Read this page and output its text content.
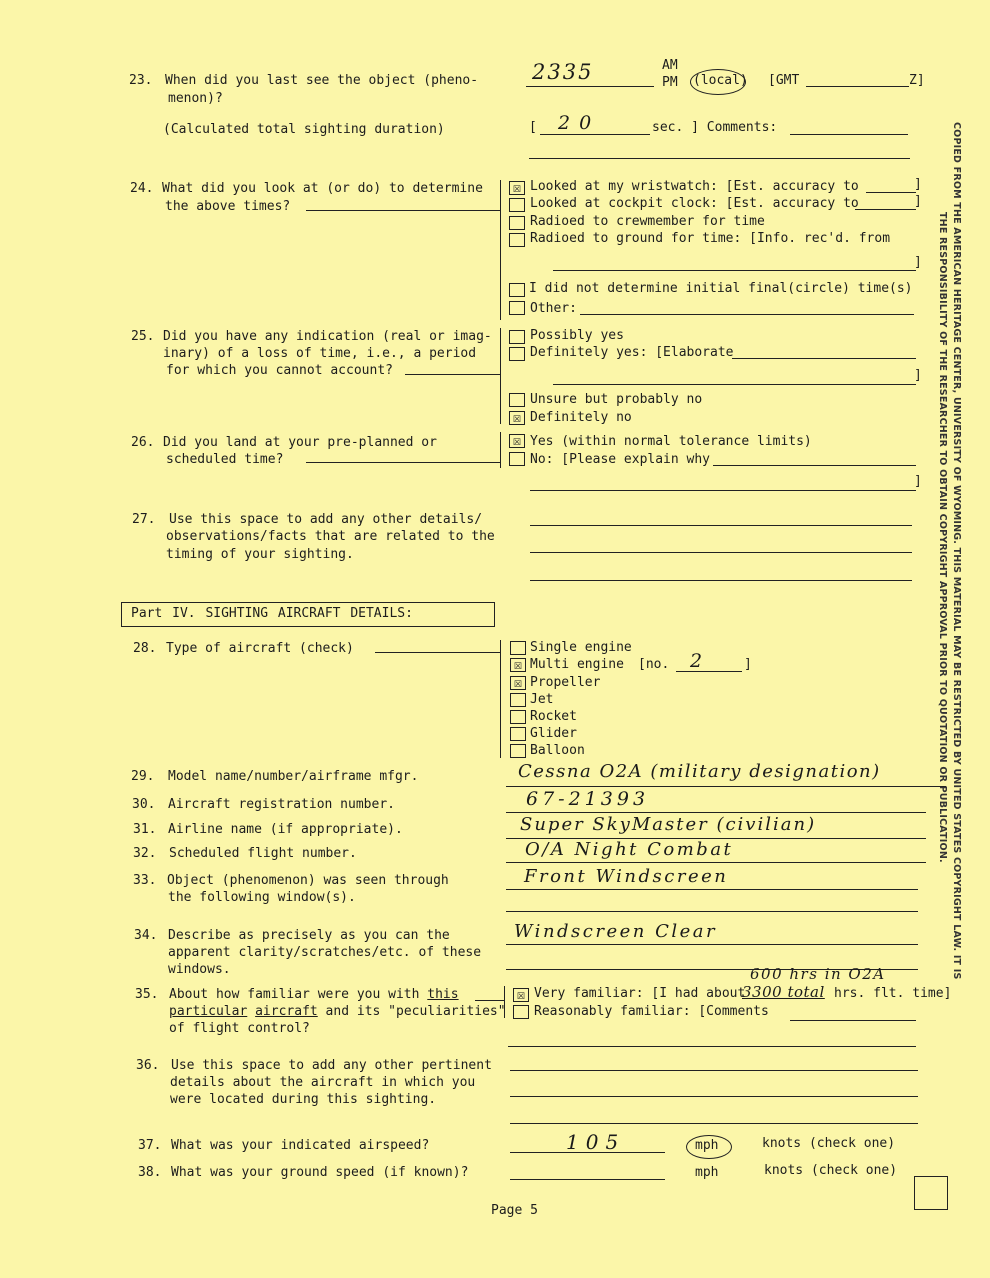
COPIED FROM THE AMERICAN HERITAGE CENTER, UNIVERSITY OF WYOMING. THIS MATERIAL MAY BE RESTRICTED BY UNITED STATES COPYRIGHT LAW. IT IS
THE RESPONSIBILITY OF THE RESEARCHER TO OBTAIN COPYRIGHT APPROVAL PRIOR TO QUOTATION OR PUBLICATION.
23. When did you last see the object (pheno-
menon)?
2335	AM
PM (local) [GMT	Z]
(Calculated total sighting duration)	[ 20	sec. ] Comments:
24. What did you look at (or do) to determine
the above times?
☒ Looked at my wristwatch: [Est. accuracy to	]
Looked at cockpit clock: [Est. accuracy to	]
Radioed to crewmember for time
Radioed to ground for time: [Info. rec'd. from
]
I did not determine initial final(circle) time(s)
Other:
25. Did you have any indication (real or imag-
inary) of a loss of time, i.e., a period
for which you cannot account?
Possibly yes
Definitely yes: [Elaborate
]
Unsure but probably no
☒ Definitely no
26. Did you land at your pre-planned or
scheduled time?
☒ Yes (within normal tolerance limits)
No: [Please explain why
]
27. Use this space to add any other details/
observations/facts that are related to the
timing of your sighting.
Part IV. SIGHTING AIRCRAFT DETAILS:
28. Type of aircraft (check)	Single engine
☒ Multi engine [no. 2	]
☒ Propeller
Jet
Rocket
Glider
Balloon
29. Model name/number/airframe mfgr.	Cessna O2A (military designation)
30. Aircraft registration number.	67-21393
31. Airline name (if appropriate).	Super SkyMaster (civilian)
32. Scheduled flight number.	O/A Night Combat
33. Object (phenomenon) was seen through
the following window(s).
Front Windscreen
34. Describe as precisely as you can the
apparent clarity/scratches/etc. of these
windows.
Windscreen Clear
600 hrs in O2A
35. About how familiar were you with this
particular aircraft and its "peculiarities"
of flight control?
☒ Very familiar: [I had about
3300 total hrs. flt. time]
Reasonably familiar: [Comments
36. Use this space to add any other pertinent
details about the aircraft in which you
were located during this sighting.
37. What was your indicated airspeed?	105	mph	knots (check one)
38. What was your ground speed (if known)?	mph	knots (check one)
Page 5
